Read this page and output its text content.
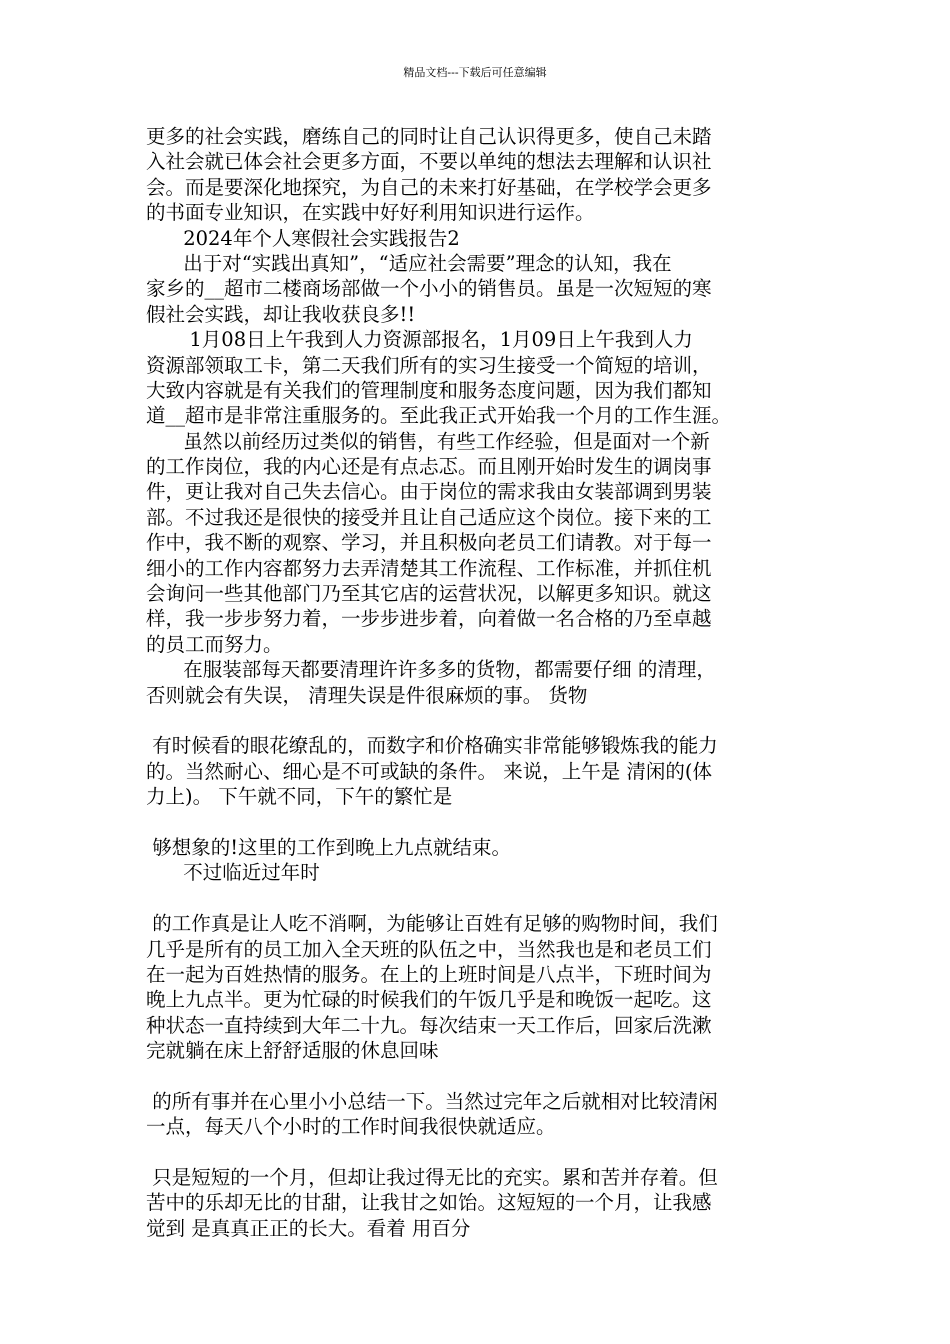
精品文档---下载后可任意编辑
更多的社会实践，磨练自己的同时让自己认识得更多，使自己未踏
入社会就已体会社会更多方面，不要以单纯的想法去理解和认识社
会。而是要深化地探究，为自己的未来打好基础，在学校学会更多
的书面专业知识，在实践中好好利用知识进行运作。
2024年个人寒假社会实践报告2
出于对“实践出真知”，“适应社会需要”理念的认知，我在
家乡的__超市二楼商场部做一个小小的销售员。虽是一次短短的寒
假社会实践，却让我收获良多!!
1月08日上午我到人力资源部报名，1月09日上午我到人力
资源部领取工卡，第二天我们所有的实习生接受一个简短的培训，
大致内容就是有关我们的管理制度和服务态度问题，因为我们都知
道__超市是非常注重服务的。至此我正式开始我一个月的工作生涯。
虽然以前经历过类似的销售，有些工作经验，但是面对一个新
的工作岗位，我的内心还是有点忐忑。而且刚开始时发生的调岗事
件，更让我对自己失去信心。由于岗位的需求我由女装部调到男装
部。不过我还是很快的接受并且让自己适应这个岗位。接下来的工
作中，我不断的观察、学习，并且积极向老员工们请教。对于每一
细小的工作内容都努力去弄清楚其工作流程、工作标准，并抓住机
会询问一些其他部门乃至其它店的运营状况，以解更多知识。就这
样，我一步步努力着，一步步进步着，向着做一名合格的乃至卓越
的员工而努力。
在服装部每天都要清理许许多多的货物，都需要仔细 的清理，
否则就会有失误， 清理失误是件很麻烦的事。 货物
有时候看的眼花缭乱的，而数字和价格确实非常能够锻炼我的能力
的。当然耐心、细心是不可或缺的条件。 来说，上午是 清闲的(体
力上)。 下午就不同，下午的繁忙是
够想象的!这里的工作到晚上九点就结束。
不过临近过年时
的工作真是让人吃不消啊，为能够让百姓有足够的购物时间，我们
几乎是所有的员工加入全天班的队伍之中，当然我也是和老员工们
在一起为百姓热情的服务。在上的上班时间是八点半，下班时间为
晚上九点半。更为忙碌的时候我们的午饭几乎是和晚饭一起吃。这
种状态一直持续到大年二十九。每次结束一天工作后，回家后洗漱
完就躺在床上舒舒适服的休息回味
的所有事并在心里小小总结一下。当然过完年之后就相对比较清闲
一点，每天八个小时的工作时间我很快就适应。
只是短短的一个月，但却让我过得无比的充实。累和苦并存着。但
苦中的乐却无比的甘甜，让我甘之如饴。这短短的一个月，让我感
觉到 是真真正正的长大。看着 用百分
